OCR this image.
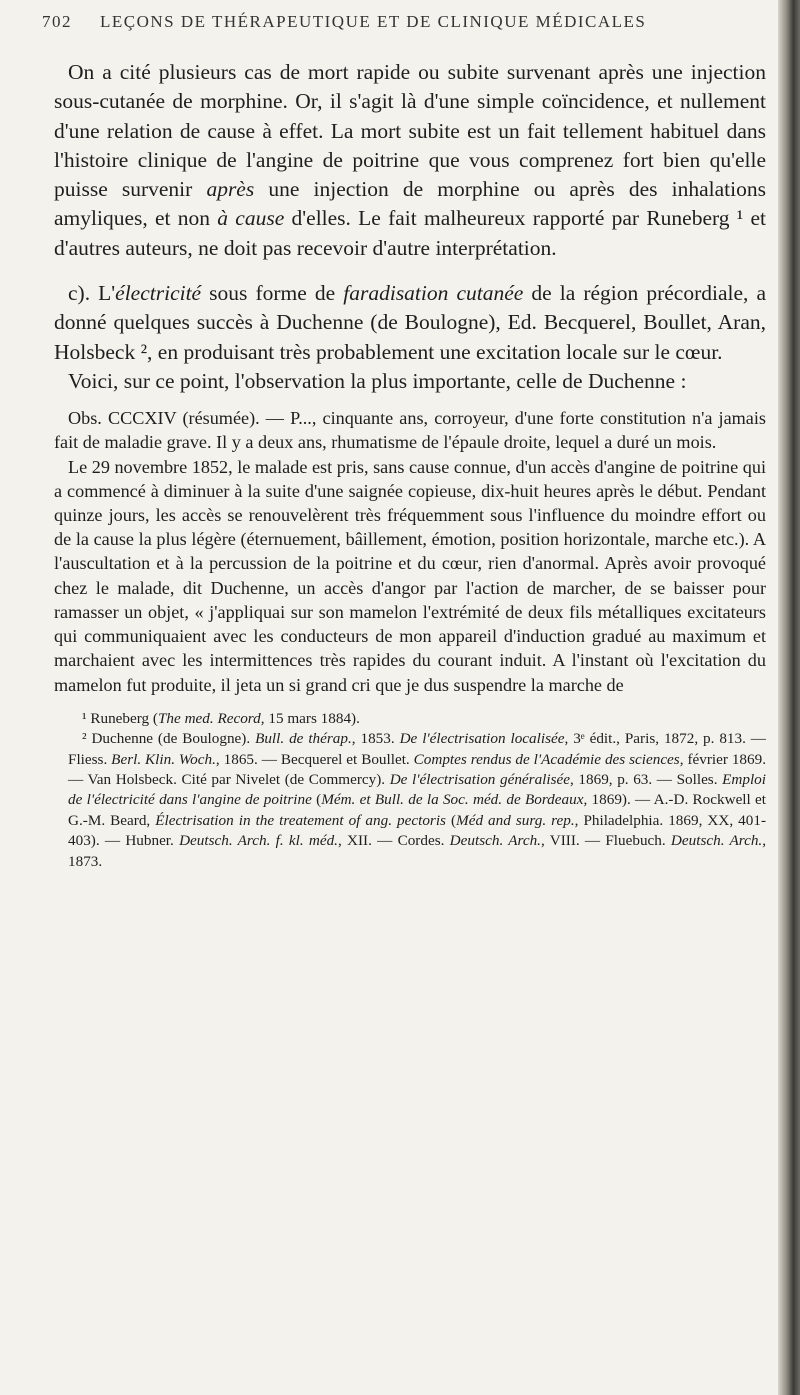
702 LEÇONS DE THÉRAPEUTIQUE ET DE CLINIQUE MÉDICALES

On a cité plusieurs cas de mort rapide ou subite survenant après une injection sous-cutanée de morphine. Or, il s'agit là d'une simple coïncidence, et nullement d'une relation de cause à effet. La mort subite est un fait tellement habituel dans l'histoire clinique de l'angine de poitrine que vous comprenez fort bien qu'elle puisse survenir après une injection de morphine ou après des inhalations amyliques, et non à cause d'elles. Le fait malheureux rapporté par Runeberg ¹ et d'autres auteurs, ne doit pas recevoir d'autre interprétation.

c). L'électricité sous forme de faradisation cutanée de la région précordiale, a donné quelques succès à Duchenne (de Boulogne), Ed. Becquerel, Boullet, Aran, Holsbeck ², en produisant très probablement une excitation locale sur le cœur.

Voici, sur ce point, l'observation la plus importante, celle de Duchenne :

Obs. CCCXIV (résumée). — P..., cinquante ans, corroyeur, d'une forte constitution n'a jamais fait de maladie grave. Il y a deux ans, rhumatisme de l'épaule droite, lequel a duré un mois.

Le 29 novembre 1852, le malade est pris, sans cause connue, d'un accès d'angine de poitrine qui a commencé à diminuer à la suite d'une saignée copieuse, dix-huit heures après le début. Pendant quinze jours, les accès se renouvelèrent très fréquemment sous l'influence du moindre effort ou de la cause la plus légère (éternuement, bâillement, émotion, position horizontale, marche etc.). A l'auscultation et à la percussion de la poitrine et du cœur, rien d'anormal. Après avoir provoqué chez le malade, dit Duchenne, un accès d'angor par l'action de marcher, de se baisser pour ramasser un objet, « j'appliquai sur son mamelon l'extrémité de deux fils métalliques excitateurs qui communiquaient avec les conducteurs de mon appareil d'induction gradué au maximum et marchaient avec les intermittences très rapides du courant induit. A l'instant où l'excitation du mamelon fut produite, il jeta un si grand cri que je dus suspendre la marche de

¹ Runeberg (The med. Record, 15 mars 1884).

² Duchenne (de Boulogne). Bull. de thérap., 1853. De l'électrisation localisée, 3ᵉ édit., Paris, 1872, p. 813. — Fliess. Berl. Klin. Woch., 1865. — Becquerel et Boullet. Comptes rendus de l'Académie des sciences, février 1869. — Van Holsbeck. Cité par Nivelet (de Commercy). De l'électrisation généralisée, 1869, p. 63. — Solles. Emploi de l'électricité dans l'angine de poitrine (Mém. et Bull. de la Soc. méd. de Bordeaux, 1869). — A.-D. Rockwell et G.-M. Beard, Électrisation in the treatement of ang. pectoris (Méd and surg. rep., Philadelphia. 1869, XX, 401-403). — Hubner. Deutsch. Arch. f. kl. méd., XII. — Cordes. Deutsch. Arch., VIII. — Fluebuch. Deutsch. Arch., 1873.
